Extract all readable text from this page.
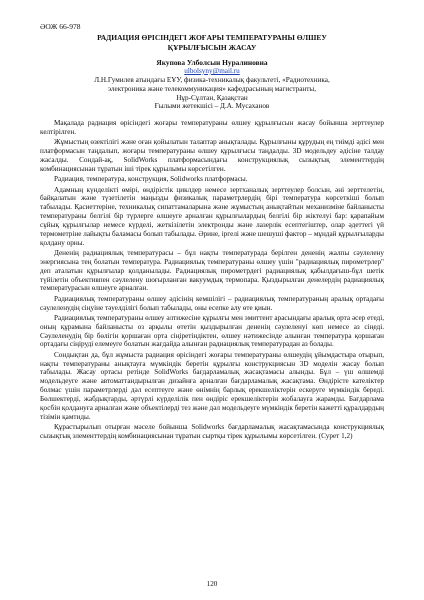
ӘОЖ 66-978
РАДИАЦИЯ ӨРІСІНДЕГІ ЖОҒАРЫ ТЕМПЕРАТУРАНЫ ӨЛШЕУ
ҚҰРЫЛҒЫСЫН ЖАСАУ
Якупова Улболсын Нуралиновна
ulbolsyny@mail.ru
Л.Н.Гумилев атындағы ЕҰУ, физика-техникалық факультеті, «Радиотехника,
электроника және телекоммуникация» кафедрасының магистранты,
Нұр-Сұлтан, Қазақстан
Ғылыми жетекшісі – Д.А. Мусаханов

Мақалада радиация өрісіндегі жоғары температураны өлшеу құрылғысын жасау бойынша зерттеулер келтірілген.

Жұмыстың өзектілігі және оған қойылатын талаптар анықталады. Құрылғыны құрудың ең тиімді әдісі мен платформасын таңдалып, жоғары температураны өлшеу құрылғысы таңдалды. 3D модельдеу әдісіне талдау жасалды. Сондай-ақ, SolidWorks платформасындағы конструкциялық сызықтық элементтердің комбинациясынан тұратын іші тірек құрылымы көрсетілген.

Радиация, температура, конструкция, Solidworks платформасы.

Адамның күнделікті өмірі, өндірістік циклдер немесе зертханалық зерттеулер болсын, әні зерттелетін, байқалатын және түзетілетін маңызды физикалық параметрлердің бірі температура көрсеткіші болып табылады. Қасиеттеріне, техникалық сипаттамаларына және жұмыстың анықтайтын механизміне байланысты температураны белгілі бір түрлерге өлшеуге арналған құрылғылардың белгілі бір жіктелуі бар: қарапайым сұйық құрылғылар немесе күрделі, жеткізілетін электронды және лазерлік есептегіштер, олар әдеттегі үй термометріне лайықты баламасы болып табылады. Әрине, іргелі және шешуші фактор – мұндай құрылғыларды қолдану орны.

Дененің радиациялық температурасы – бұл нақты температурада берілген дененің жалпы сәулелену энергиясына тең болатын температура. Радиациялық температураны өлшеу үшін "радиациялық пирометрлер" деп аталатын құрылғылар қолданылады. Радиациялық пирометрдегі радиациялық қабылдағыш-бұл шетік түйілетін объективпен сәулелену шоғырланған вакуумдық термопара. Қыздырылған денелердің радиациялық температурасын өлшеуге арналған.

Радиациялық температураны өлшеу әдісінің кемшілігі – радиациялық температураның аралық ортадағы сәулеленудің сіңуіне тәуелділігі болып табылады, оны есепке алу өте қиын.

Радиациялық температураны өлшеу әлтижесіне құрылғы мен эмиттент арасындағы аралық орта әсер етеді, оның құрамына байланысты оз арқылы өтетін қыздырылған дененің сәулеленуі көп немесе аз сіңеді. Сәулеленудің бір бөлігін қоршаған орта сіңіретіндіктен, өлшеу нәтижесінде алынған температура қоршаған ортадағы сіңіруді елемеуге болатын жағдайда алынған радиациялық температурадан аз болады.

Сондықтан да, бұл жұмыста радиация өрісіндегі жоғары температураны өлшеудің ұйымдастыра отырып, нақты температураны анықтауға мүмкіндік беретін құрылғы конструкциясын 3D моделін жасау болып табылады. Жасау ортасы ретінде SolidWorks бағдарламалық жасақтамасы алынды. Бұл – үш өлшемді модельдеуге және автоматтандырылған дизайнға арналған бағдарламалық жасақтама. Өндірісте кателіктер болмас үшін параметрлерді дәл есептеуге және өнімнің барлық ерекшеліктерін ескеруге мүмкіндік береді. Бөлшектерді, жабдықтарды, әртүрлі күрделілік пен өндіріс ерекшеліктерін жобалауға жарамды. Бағдарлама қосбін қолдануға арналған және объектілерді тез және дәл модельдеуге мүмкіндік беретін кажетті құралдардың тізімін қамтиды.

Құрастырылып отырған мәселе бойынша Solidworks бағдарламалық жасақтамасында конструкциялық сызықтық элементтердің комбинациясынан тұратын сыртқы тірек құрылымы көрсетілген. (Сурет 1,2)

120
